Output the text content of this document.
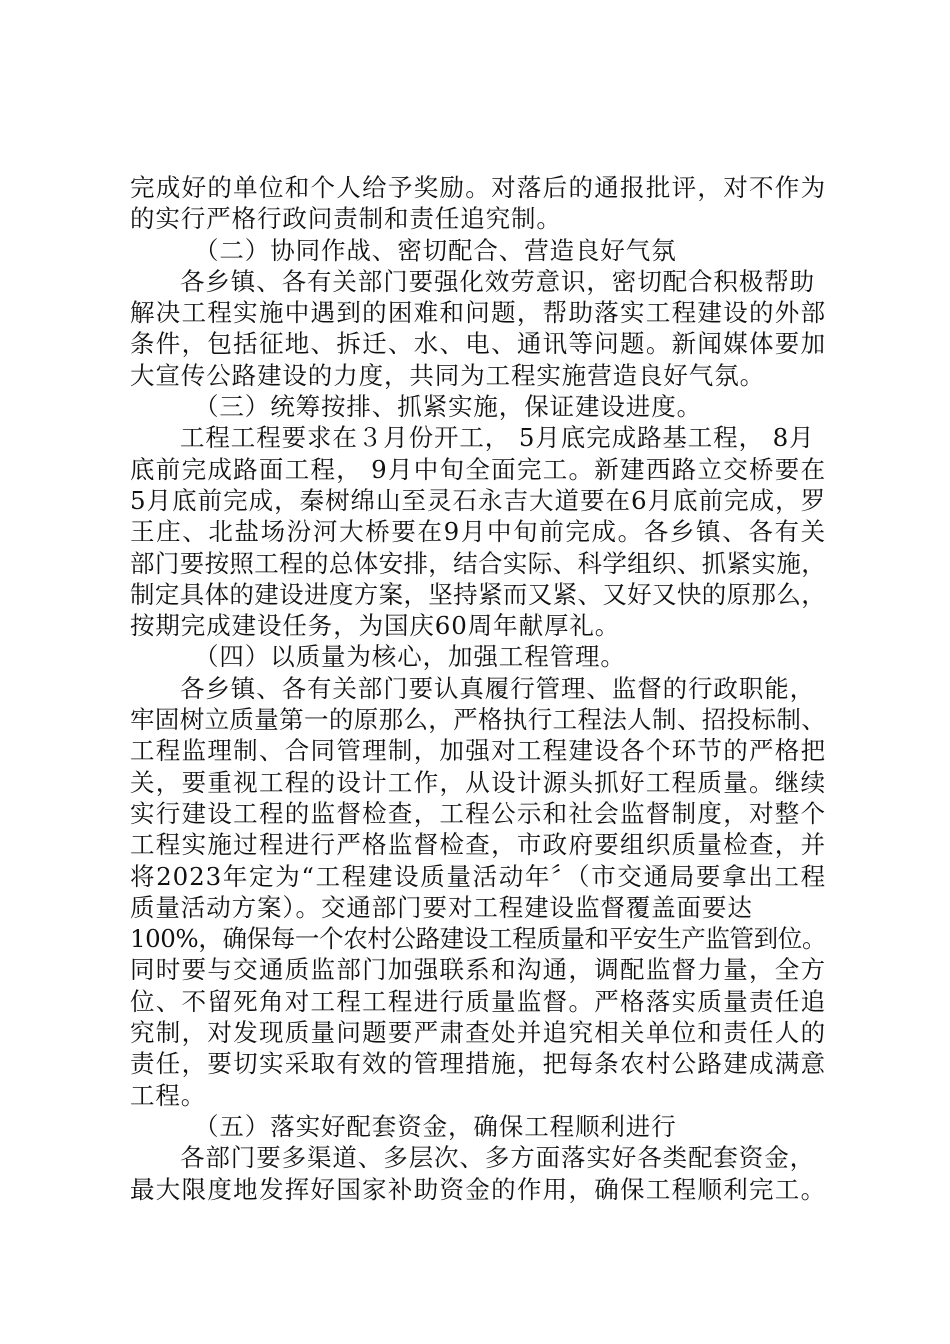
完成好的单位和个人给予奖励。对落后的通报批评，对不作为
的实行严格行政问责制和责任追究制。
（二）协同作战、密切配合、营造良好气氛
各乡镇、各有关部门要强化效劳意识，密切配合积极帮助
解决工程实施中遇到的困难和问题，帮助落实工程建设的外部
条件，包括征地、拆迁、水、电、通讯等问题。新闻媒体要加
大宣传公路建设的力度，共同为工程实施营造良好气氛。
（三）统筹按排、抓紧实施，保证建设进度。
工程工程要求在３月份开工， 5月底完成路基工程， 8月
底前完成路面工程， 9月中旬全面完工。新建西路立交桥要在
5月底前完成，秦树绵山至灵石永吉大道要在6月底前完成，罗
王庄、北盐场汾河大桥要在9月中旬前完成。各乡镇、各有关
部门要按照工程的总体安排，结合实际、科学组织、抓紧实施，
制定具体的建设进度方案，坚持紧而又紧、又好又快的原那么，
按期完成建设任务，为国庆60周年献厚礼。
（四）以质量为核心，加强工程管理。
各乡镇、各有关部门要认真履行管理、监督的行政职能，
牢固树立质量第一的原那么，严格执行工程法人制、招投标制、
工程监理制、合同管理制，加强对工程建设各个环节的严格把
关，要重视工程的设计工作，从设计源头抓好工程质量。继续
实行建设工程的监督检查，工程公示和社会监督制度，对整个
工程实施过程进行严格监督检查，市政府要组织质量检查，并
将2023年定为“工程建设质量活动年〞（市交通局要拿出工程
质量活动方案）。交通部门要对工程建设监督覆盖面要达
100%，确保每一个农村公路建设工程质量和平安生产监管到位。
同时要与交通质监部门加强联系和沟通，调配监督力量，全方
位、不留死角对工程工程进行质量监督。严格落实质量责任追
究制，对发现质量问题要严肃查处并追究相关单位和责任人的
责任，要切实采取有效的管理措施，把每条农村公路建成满意
工程。
（五）落实好配套资金，确保工程顺利进行
各部门要多渠道、多层次、多方面落实好各类配套资金，
最大限度地发挥好国家补助资金的作用，确保工程顺利完工。
